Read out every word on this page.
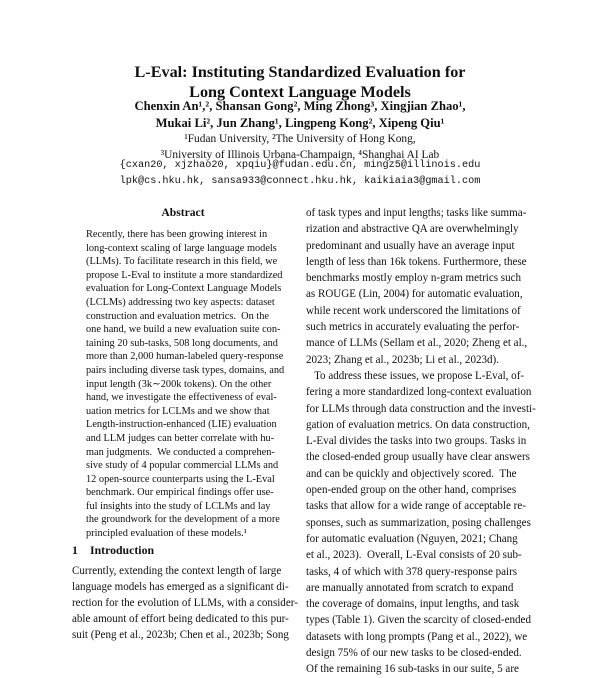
L-Eval: Instituting Standardized Evaluation for
Long Context Language Models
Chenxin An¹,², Shansan Gong², Ming Zhong³, Xingjian Zhao¹,
Mukai Li², Jun Zhang¹, Lingpeng Kong², Xipeng Qiu¹
¹Fudan University, ²The University of Hong Kong,
³University of Illinois Urbana-Champaign, ⁴Shanghai AI Lab
{cxan20, xjzhao20, xpqiu}@fudan.edu.cn, mingz5@illinois.edu
lpk@cs.hku.hk, sansa933@connect.hku.hk, kaikiaia3@gmail.com
Abstract
Recently, there has been growing interest in
long-context scaling of large language models
(LLMs). To facilitate research in this field, we
propose L-Eval to institute a more standardized
evaluation for Long-Context Language Models
(LCLMs) addressing two key aspects: dataset
construction and evaluation metrics.  On the
one hand, we build a new evaluation suite con-
taining 20 sub-tasks, 508 long documents, and
more than 2,000 human-labeled query-response
pairs including diverse task types, domains, and
input length (3k∼200k tokens). On the other
hand, we investigate the effectiveness of eval-
uation metrics for LCLMs and we show that
Length-instruction-enhanced (LIE) evaluation
and LLM judges can better correlate with hu-
man judgments.  We conducted a comprehen-
sive study of 4 popular commercial LLMs and
12 open-source counterparts using the L-Eval
benchmark. Our empirical findings offer use-
ful insights into the study of LCLMs and lay
the groundwork for the development of a more
principled evaluation of these models.¹
1 Introduction
Currently, extending the context length of large
language models has emerged as a significant di-
rection for the evolution of LLMs, with a consider-
able amount of effort being dedicated to this pur-
suit (Peng et al., 2023b; Chen et al., 2023b; Song
of task types and input lengths; tasks like summa-
rization and abstractive QA are overwhelmingly
predominant and usually have an average input
length of less than 16k tokens. Furthermore, these
benchmarks mostly employ n-gram metrics such
as ROUGE (Lin, 2004) for automatic evaluation,
while recent work underscored the limitations of
such metrics in accurately evaluating the perfor-
mance of LLMs (Sellam et al., 2020; Zheng et al.,
2023; Zhang et al., 2023b; Li et al., 2023d).
To address these issues, we propose L-Eval, of-
fering a more standardized long-context evaluation
for LLMs through data construction and the investi-
gation of evaluation metrics. On data construction,
L-Eval divides the tasks into two groups. Tasks in
the closed-ended group usually have clear answers
and can be quickly and objectively scored.  The
open-ended group on the other hand, comprises
tasks that allow for a wide range of acceptable re-
sponses, such as summarization, posing challenges
for automatic evaluation (Nguyen, 2021; Chang
et al., 2023).  Overall, L-Eval consists of 20 sub-
tasks, 4 of which with 378 query-response pairs
are manually annotated from scratch to expand
the coverage of domains, input lengths, and task
types (Table 1). Given the scarcity of closed-ended
datasets with long prompts (Pang et al., 2022), we
design 75% of our new tasks to be closed-ended.
Of the remaining 16 sub-tasks in our suite, 5 are
